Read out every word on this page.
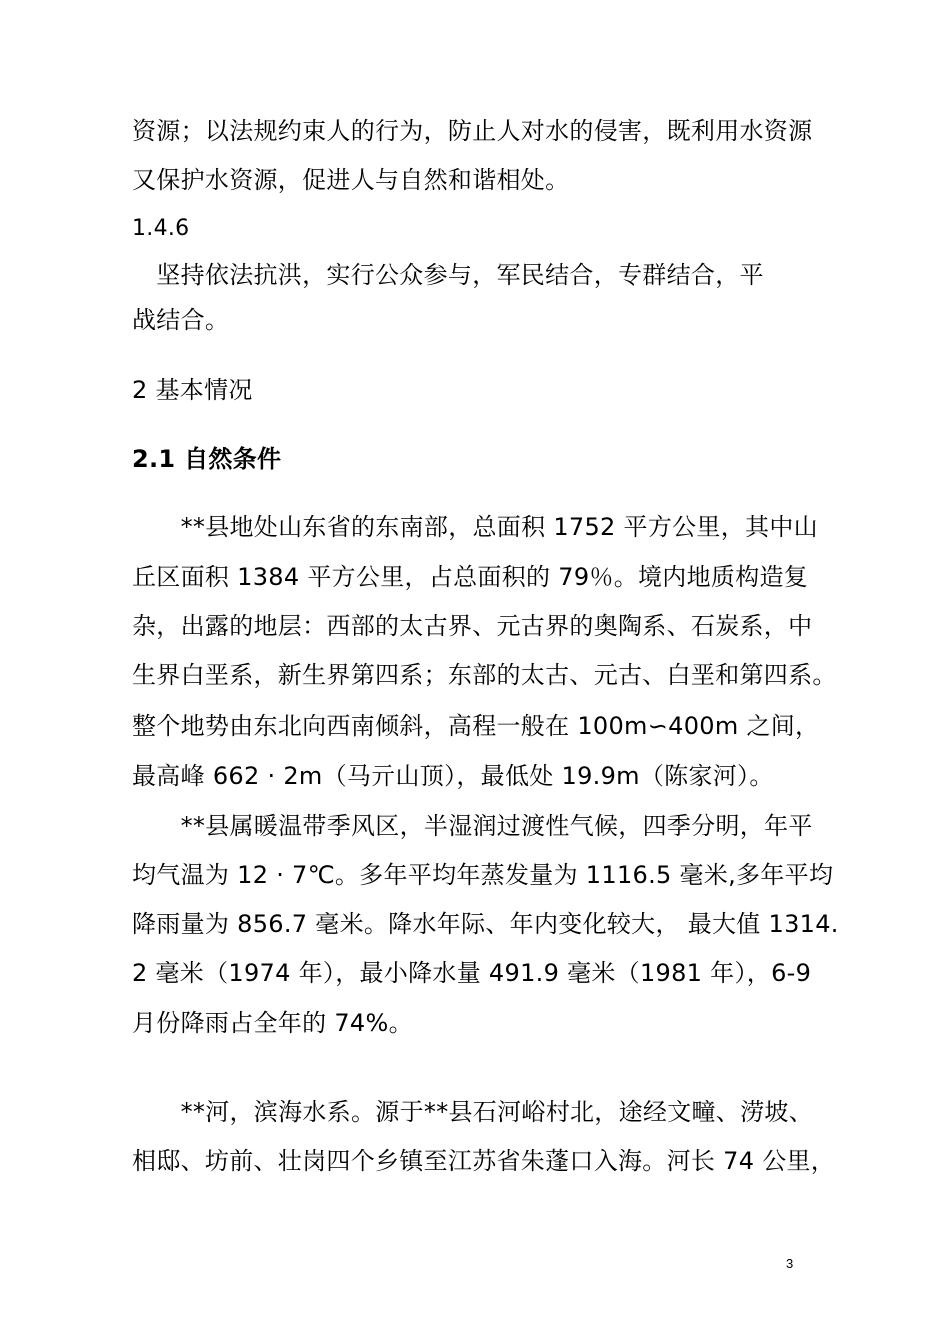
资源；以法规约束人的行为，防止人对水的侵害，既利用水资源
又保护水资源，促进人与自然和谐相处。
1.4.6
　坚持依法抗洪，实行公众参与，军民结合，专群结合，平
战结合。
2 基本情况
2.1 自然条件
　　**县地处山东省的东南部，总面积 1752 平方公里，其中山
丘区面积 1384 平方公里，占总面积的 79％。境内地质构造复
杂，出露的地层：西部的太古界、元古界的奥陶系、石炭系，中
生界白垩系，新生界第四系；东部的太古、元古、白垩和第四系。
整个地势由东北向西南倾斜，高程一般在 100m∽400m 之间，
最高峰 662 · 2m（马亓山顶），最低处 19.9m（陈家河）。
　　**县属暖温带季风区，半湿润过渡性气候，四季分明，年平
均气温为 12 · 7℃。多年平均年蒸发量为 1116.5 毫米,多年平均
降雨量为 856.7 毫米。降水年际、年内变化较大， 最大值 1314.
2 毫米（1974 年），最小降水量 491.9 毫米（1981 年），6-9
月份降雨占全年的 74%。
　　**河，滨海水系。源于**县石河峪村北，途经文疃、涝坡、
相邸、坊前、壮岗四个乡镇至江苏省朱蓬口入海。河长 74 公里，
3
